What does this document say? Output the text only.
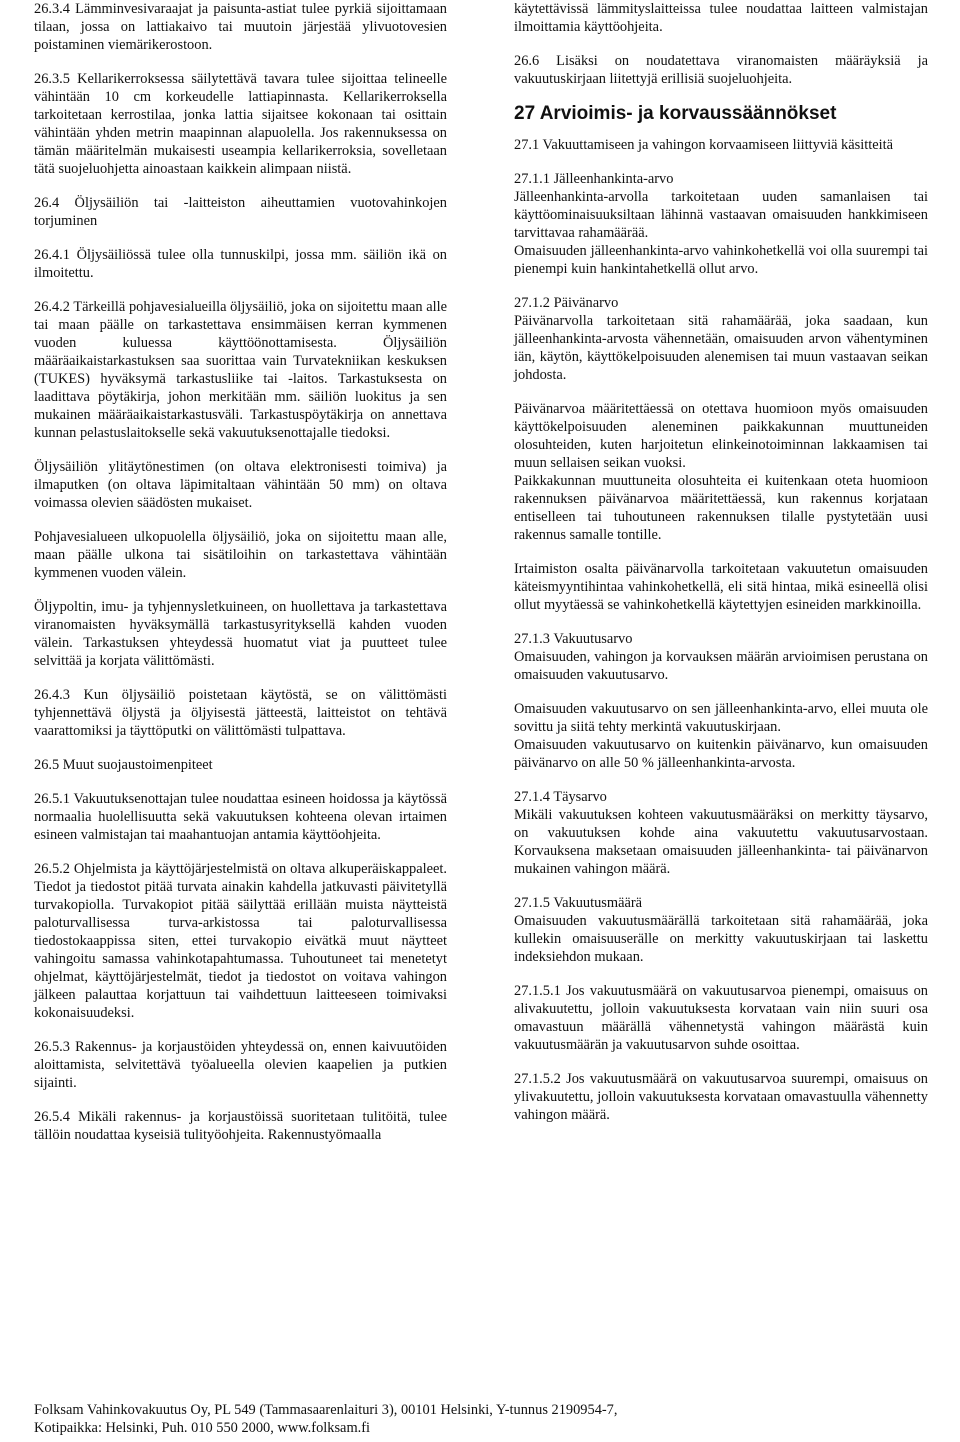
26.3.4 Lämminvesivaraajat ja paisunta-astiat tulee pyrkiä sijoittamaan tilaan, jossa on lattiakaivo tai muutoin järjestää ylivuotovesien poistaminen viemärikerostoon.

26.3.5 Kellarikerroksessa säilytettävä tavara tulee sijoittaa telineelle vähintään 10 cm korkeudelle lattiapinnasta. Kellarikerroksella tarkoitetaan kerrostilaa, jonka lattia sijaitsee kokonaan tai osittain vähintään yhden metrin maapinnan alapuolella. Jos rakennuksessa on tämän määritelmän mukaisesti useampia kellarikerroksia, sovelletaan tätä suojeluohjetta ainoastaan kaikkein alimpaan niistä.

26.4 Öljysäiliön tai -laitteiston aiheuttamien vuotovahinkojen torjuminen

26.4.1 Öljysäiliössä tulee olla tunnuskilpi, jossa mm. säiliön ikä on ilmoitettu.

26.4.2 Tärkeillä pohjavesialueilla öljysäiliö, joka on sijoitettu maan alle tai maan päälle on tarkastettava ensimmäisen kerran kymmenen vuoden kuluessa käyttöönottamisesta. Öljysäiliön määräaikaistarkastuksen saa suorittaa vain Turvatekniikan keskuksen (TUKES) hyväksymä tarkastusliike tai -laitos. Tarkastuksesta on laadittava pöytäkirja, johon merkitään mm. säiliön luokitus ja sen mukainen määräaikaistarkastusväli. Tarkastuspöytäkirja on annettava kunnan pelastuslaitokselle sekä vakuutuksenottajalle tiedoksi.

Öljysäiliön ylitäytönestimen (on oltava elektronisesti toimiva) ja ilmaputken (on oltava läpimitaltaan vähintään 50 mm) on oltava voimassa olevien säädösten mukaiset.

Pohjavesialueen ulkopuolella öljysäiliö, joka on sijoitettu maan alle, maan päälle ulkona tai sisätiloihin on tarkastettava vähintään kymmenen vuoden välein.

Öljypoltin, imu- ja tyhjennysletkuineen, on huollettava ja tarkastettava viranomaisten hyväksymällä tarkastusyrityksellä kahden vuoden välein. Tarkastuksen yhteydessä huomatut viat ja puutteet tulee selvittää ja korjata välittömästi.

26.4.3 Kun öljysäiliö poistetaan käytöstä, se on välittömästi tyhjennettävä öljystä ja öljyisestä jätteestä, laitteistot on tehtävä vaarattomiksi ja täyttöputki on välittömästi tulpattava.

26.5 Muut suojaustoimenpiteet

26.5.1 Vakuutuksenottajan tulee noudattaa esineen hoidossa ja käytössä normaalia huolellisuutta sekä vakuutuksen kohteena olevan irtaimen esineen valmistajan tai maahantuojan antamia käyttöohjeita.

26.5.2 Ohjelmista ja käyttöjärjestelmistä on oltava alkuperäiskappaleet. Tiedot ja tiedostot pitää turvata ainakin kahdella jatkuvasti päivitetyllä turvakopiolla. Turvakopiot pitää säilyttää erillään muista näytteistä paloturvallisessa turva-arkistossa tai paloturvallisessa tiedostokaappissa siten, ettei turvakopio eivätkä muut näytteet vahingoitu samassa vahinkotapahtumassa. Tuhoutuneet tai menetetyt ohjelmat, käyttöjärjestelmät, tiedot ja tiedostot on voitava vahingon jälkeen palauttaa korjattuun tai vaihdettuun laitteeseen toimivaksi kokonaisuudeksi.

26.5.3 Rakennus- ja korjaustöiden yhteydessä on, ennen kaivuutöiden aloittamista, selvitettävä työalueella olevien kaapelien ja putkien sijainti.

26.5.4 Mikäli rakennus- ja korjaustöissä suoritetaan tulitöitä, tulee tällöin noudattaa kyseisiä tulityöohjeita. Rakennustyömaalla

käytettävissä lämmityslaitteissa tulee noudattaa laitteen valmistajan ilmoittamia käyttöohjeita.

26.6 Lisäksi on noudatettava viranomaisten määräyksiä ja vakuutuskirjaan liitettyjä erillisiä suojeluohjeita.

27 Arvioimis- ja korvaussäännökset

27.1 Vakuuttamiseen ja vahingon korvaamiseen liittyviä käsitteitä

27.1.1 Jälleenhankinta-arvo

Jälleenhankinta-arvolla tarkoitetaan uuden samanlaisen tai käyttöominaisuuksiltaan lähinnä vastaavan omaisuuden hankkimiseen tarvittavaa rahamäärää.

Omaisuuden jälleenhankinta-arvo vahinkohetkellä voi olla suurempi tai pienempi kuin hankintahetkellä ollut arvo.

27.1.2 Päivänarvo

Päivänarvolla tarkoitetaan sitä rahamäärää, joka saadaan, kun jälleenhankinta-arvosta vähennetään, omaisuuden arvon vähentyminen iän, käytön, käyttökelpoisuuden alenemisen tai muun vastaavan seikan johdosta.

Päivänarvoa määritettäessä on otettava huomioon myös omaisuuden käyttökelpoisuuden aleneminen paikkakunnan muuttuneiden olosuhteiden, kuten harjoitetun elinkeinotoiminnan lakkaamisen tai muun sellaisen seikan vuoksi.

Paikkakunnan muuttuneita olosuhteita ei kuitenkaan oteta huomioon rakennuksen päivänarvoa määritettäessä, kun rakennus korjataan entiselleen tai tuhoutuneen rakennuksen tilalle pystytetään uusi rakennus samalle tontille.

Irtaimiston osalta päivänarvolla tarkoitetaan vakuutetun omaisuuden käteismyyntihintaa vahinkohetkellä, eli sitä hintaa, mikä esineellä olisi ollut myytäessä se vahinkohetkellä käytettyjen esineiden markkinoilla.

27.1.3 Vakuutusarvo

Omaisuuden, vahingon ja korvauksen määrän arvioimisen perustana on omaisuuden vakuutusarvo.

Omaisuuden vakuutusarvo on sen jälleenhankinta-arvo, ellei muuta ole sovittu ja siitä tehty merkintä vakuutuskirjaan.

Omaisuuden vakuutusarvo on kuitenkin päivänarvo, kun omaisuuden päivänarvo on alle 50 % jälleenhankinta-arvosta.

27.1.4 Täysarvo

Mikäli vakuutuksen kohteen vakuutusmääräksi on merkitty täysarvo, on vakuutuksen kohde aina vakuutettu vakuutusarvostaan. Korvauksena maksetaan omaisuuden jälleenhankinta- tai päivänarvon mukainen vahingon määrä.

27.1.5 Vakuutusmäärä

Omaisuuden vakuutusmäärällä tarkoitetaan sitä rahamäärää, joka kullekin omaisuuserälle on merkitty vakuutuskirjaan tai laskettu indeksiehdon mukaan.

27.1.5.1 Jos vakuutusmäärä on vakuutusarvoa pienempi, omaisuus on alivakuutettu, jolloin vakuutuksesta korvataan vain niin suuri osa omavastuun määrällä vähennetystä vahingon määrästä kuin vakuutusmäärän ja vakuutusarvon suhde osoittaa.

27.1.5.2 Jos vakuutusmäärä on vakuutusarvoa suurempi, omaisuus on ylivakuutettu, jolloin vakuutuksesta korvataan omavastuulla vähennetty vahingon määrä.

Folksam Vahinkovakuutus Oy, PL 549 (Tammasaarenlaituri 3), 00101 Helsinki, Y-tunnus 2190954-7,

Kotipaikka: Helsinki, Puh. 010 550 2000, www.folksam.fi
